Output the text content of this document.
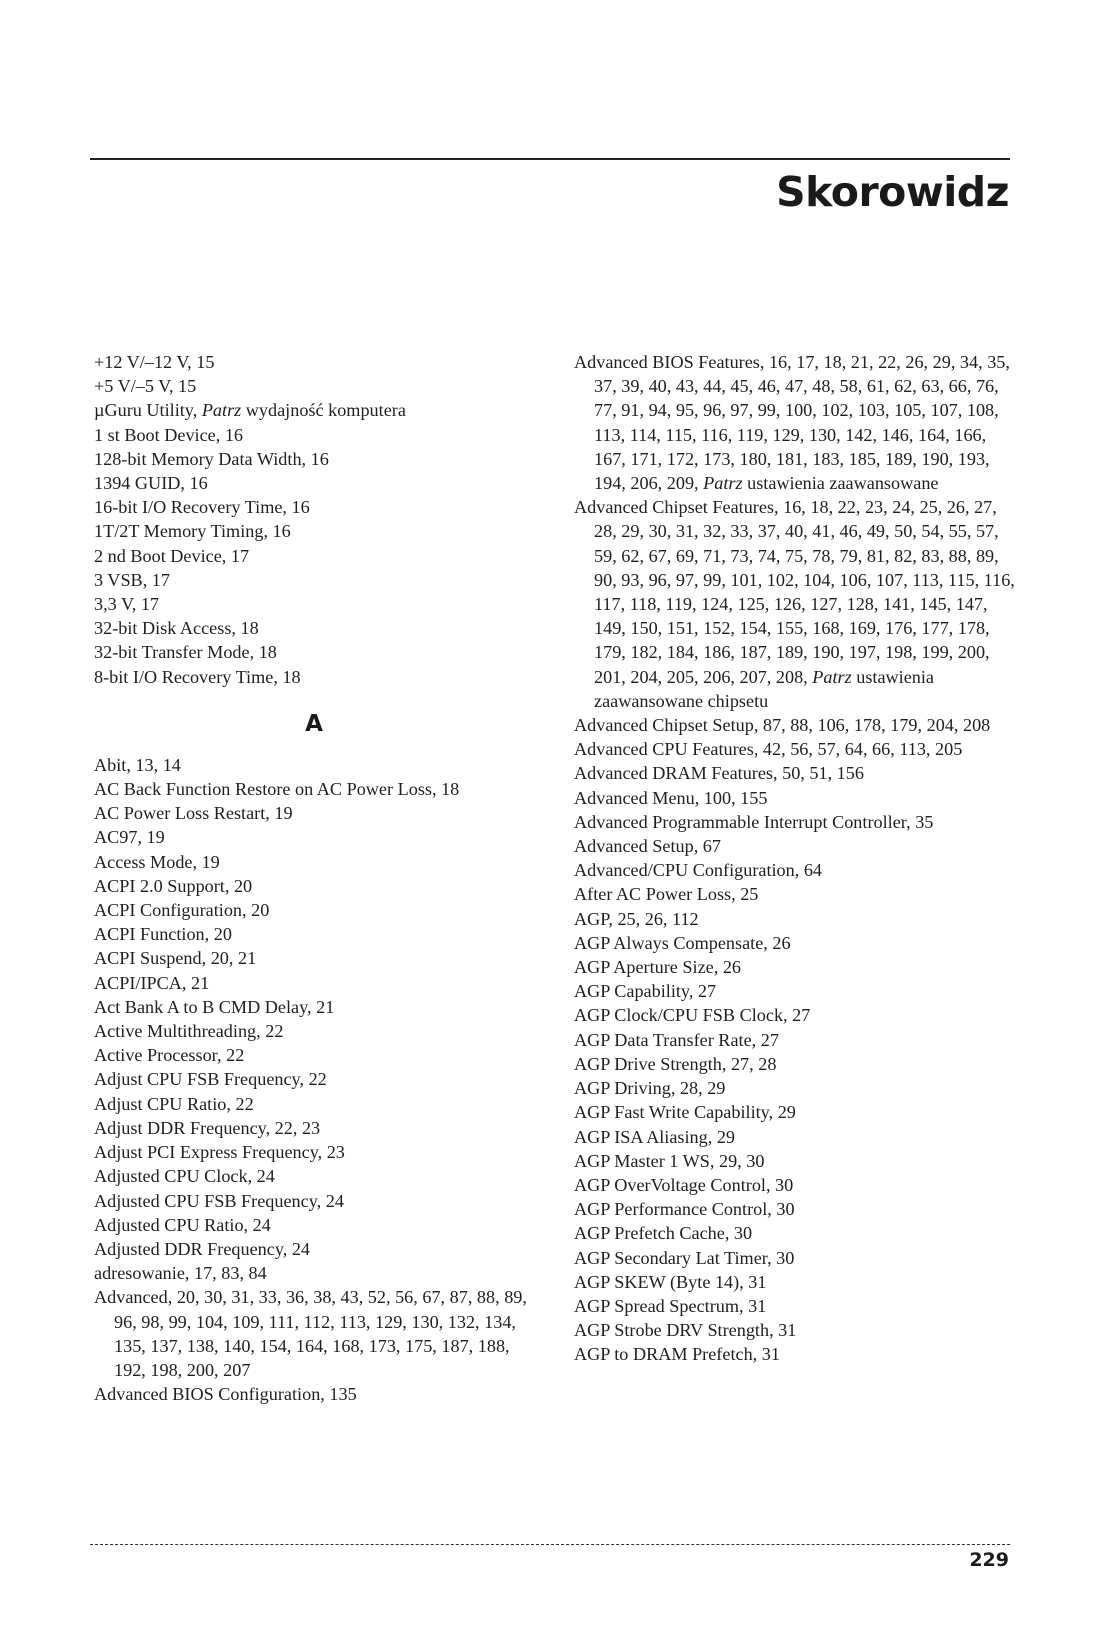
Skorowidz

+12 V/–12 V, 15

+5 V/–5 V, 15

µGuru Utility, Patrz wydajność komputera

1 st Boot Device, 16

128-bit Memory Data Width, 16

1394 GUID, 16

16-bit I/O Recovery Time, 16

1T/2T Memory Timing, 16

2 nd Boot Device, 17

3 VSB, 17

3,3 V, 17

32-bit Disk Access, 18

32-bit Transfer Mode, 18

8-bit I/O Recovery Time, 18

A

Abit, 13, 14

AC Back Function Restore on AC Power Loss, 18

AC Power Loss Restart, 19

AC97, 19

Access Mode, 19

ACPI 2.0 Support, 20

ACPI Configuration, 20

ACPI Function, 20

ACPI Suspend, 20, 21

ACPI/IPCA, 21

Act Bank A to B CMD Delay, 21

Active Multithreading, 22

Active Processor, 22

Adjust CPU FSB Frequency, 22

Adjust CPU Ratio, 22

Adjust DDR Frequency, 22, 23

Adjust PCI Express Frequency, 23

Adjusted CPU Clock, 24

Adjusted CPU FSB Frequency, 24

Adjusted CPU Ratio, 24

Adjusted DDR Frequency, 24

adresowanie, 17, 83, 84

Advanced, 20, 30, 31, 33, 36, 38, 43, 52, 56, 67, 87, 88, 89, 96, 98, 99, 104, 109, 111, 112, 113, 129, 130, 132, 134, 135, 137, 138, 140, 154, 164, 168, 173, 175, 187, 188, 192, 198, 200, 207

Advanced BIOS Configuration, 135

Advanced BIOS Features, 16, 17, 18, 21, 22, 26, 29, 34, 35, 37, 39, 40, 43, 44, 45, 46, 47, 48, 58, 61, 62, 63, 66, 76, 77, 91, 94, 95, 96, 97, 99, 100, 102, 103, 105, 107, 108, 113, 114, 115, 116, 119, 129, 130, 142, 146, 164, 166, 167, 171, 172, 173, 180, 181, 183, 185, 189, 190, 193, 194, 206, 209, Patrz ustawienia zaawansowane

Advanced Chipset Features, 16, 18, 22, 23, 24, 25, 26, 27, 28, 29, 30, 31, 32, 33, 37, 40, 41, 46, 49, 50, 54, 55, 57, 59, 62, 67, 69, 71, 73, 74, 75, 78, 79, 81, 82, 83, 88, 89, 90, 93, 96, 97, 99, 101, 102, 104, 106, 107, 113, 115, 116, 117, 118, 119, 124, 125, 126, 127, 128, 141, 145, 147, 149, 150, 151, 152, 154, 155, 168, 169, 176, 177, 178, 179, 182, 184, 186, 187, 189, 190, 197, 198, 199, 200, 201, 204, 205, 206, 207, 208, Patrz ustawienia zaawansowane chipsetu

Advanced Chipset Setup, 87, 88, 106, 178, 179, 204, 208

Advanced CPU Features, 42, 56, 57, 64, 66, 113, 205

Advanced DRAM Features, 50, 51, 156

Advanced Menu, 100, 155

Advanced Programmable Interrupt Controller, 35

Advanced Setup, 67

Advanced/CPU Configuration, 64

After AC Power Loss, 25

AGP, 25, 26, 112

AGP Always Compensate, 26

AGP Aperture Size, 26

AGP Capability, 27

AGP Clock/CPU FSB Clock, 27

AGP Data Transfer Rate, 27

AGP Drive Strength, 27, 28

AGP Driving, 28, 29

AGP Fast Write Capability, 29

AGP ISA Aliasing, 29

AGP Master 1 WS, 29, 30

AGP OverVoltage Control, 30

AGP Performance Control, 30

AGP Prefetch Cache, 30

AGP Secondary Lat Timer, 30

AGP SKEW (Byte 14), 31

AGP Spread Spectrum, 31

AGP Strobe DRV Strength, 31

AGP to DRAM Prefetch, 31

229
